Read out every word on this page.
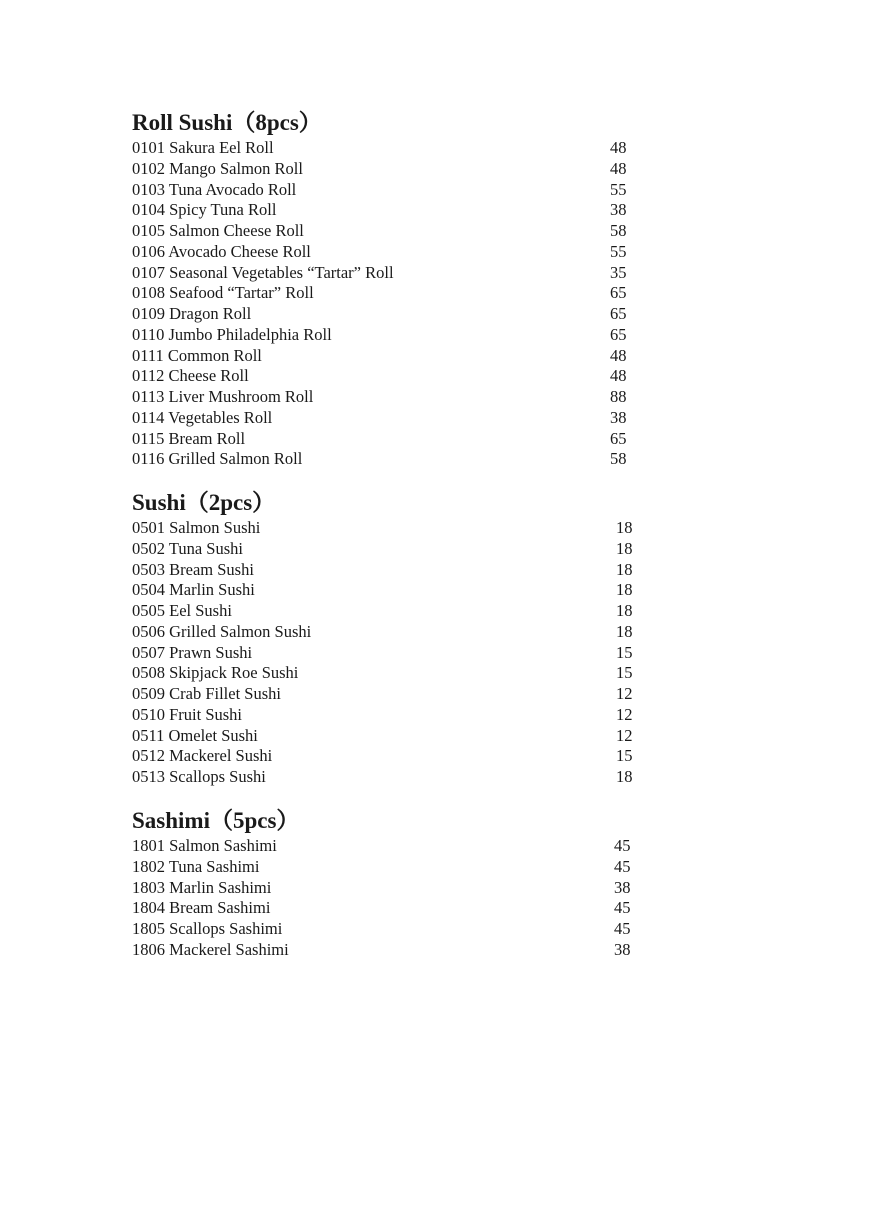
Roll Sushi（8pcs）
0101 Sakura Eel Roll	48
0102 Mango Salmon Roll	48
0103 Tuna Avocado Roll	55
0104 Spicy Tuna Roll	38
0105 Salmon Cheese Roll	58
0106 Avocado Cheese Roll	55
0107 Seasonal Vegetables “Tartar” Roll	35
0108 Seafood “Tartar” Roll	65
0109 Dragon Roll	65
0110 Jumbo Philadelphia Roll	65
0111 Common Roll	48
0112 Cheese Roll	48
0113 Liver Mushroom Roll	88
0114 Vegetables Roll	38
0115 Bream Roll	65
0116 Grilled Salmon Roll	58
Sushi（2pcs）
0501 Salmon Sushi	18
0502 Tuna Sushi	18
0503 Bream Sushi	18
0504 Marlin Sushi	18
0505 Eel Sushi	18
0506 Grilled Salmon Sushi	18
0507 Prawn Sushi	15
0508 Skipjack Roe Sushi	15
0509 Crab Fillet Sushi	12
0510 Fruit Sushi	12
0511 Omelet Sushi	12
0512 Mackerel Sushi	15
0513 Scallops Sushi	18
Sashimi（5pcs）
1801 Salmon Sashimi	45
1802 Tuna Sashimi	45
1803 Marlin Sashimi	38
1804 Bream Sashimi	45
1805 Scallops Sashimi	45
1806 Mackerel Sashimi	38
